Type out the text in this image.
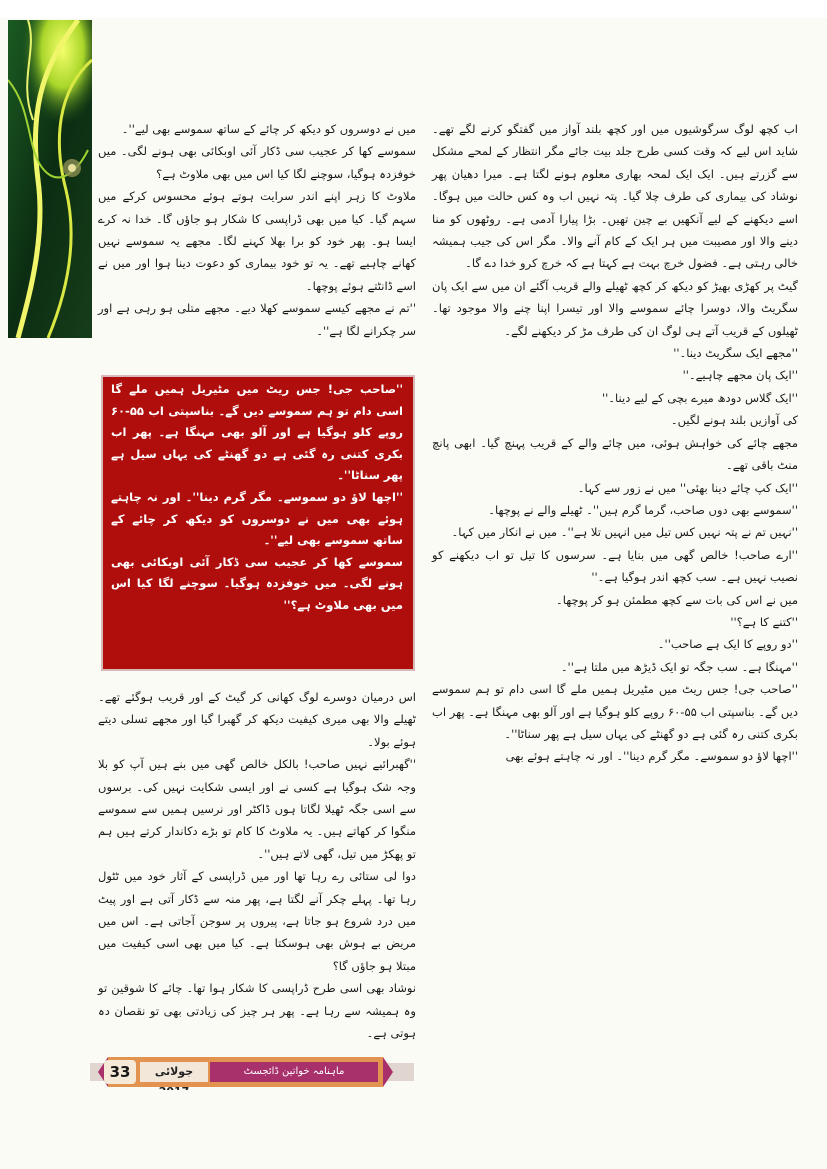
اب کچھ لوگ سرگوشیوں میں اور کچھ بلند آواز میں گفتگو کرنے لگے تھے۔ شاید اس لیے کہ وقت کسی طرح جلد بیت جائے مگر انتظار کے لمحے مشکل سے گزرتے ہیں۔ ایک ایک لمحہ بھاری معلوم ہونے لگتا ہے۔ میرا دھیان پھر نوشاد کی بیماری کی طرف چلا گیا۔ پتہ نہیں اب وہ کس حالت میں ہوگا۔ اسے دیکھنے کے لیے آنکھیں بے چین تھیں۔ بڑا پیارا آدمی ہے۔ روٹھوں کو منا دینے والا اور مصیبت میں ہر ایک کے کام آنے والا۔ مگر اس کی جیب ہمیشہ خالی رہتی ہے۔ فضول خرچ بہت ہے کہتا ہے کہ خرچ کرو خدا دے گا۔

گیٹ پر کھڑی بھیڑ کو دیکھ کر کچھ ٹھیلے والے قریب آگئے ان میں سے ایک پان سگریٹ والا، دوسرا چائے سموسے والا اور تیسرا اپنا چنے والا موجود تھا۔ ٹھیلوں کے قریب آتے ہی لوگ ان کی طرف مڑ کر دیکھنے لگے۔

''مجھے ایک سگریٹ دینا۔''

''ایک پان مجھے چاہیے۔''

''ایک گلاس دودھ میرے بچی کے لیے دینا۔''

کی آوازیں بلند ہونے لگیں۔

مجھے چائے کی خواہش ہوئی، میں چائے والے کے قریب پہنچ گیا۔ ابھی پانچ منٹ باقی تھے۔

''ایک کپ چائے دینا بھئی'' میں نے زور سے کہا۔

''سموسے بھی دوں صاحب، گرما گرم ہیں''۔ ٹھیلے والے نے پوچھا۔

''نہیں تم نے پتہ نہیں کس تیل میں انہیں تلا ہے''۔ میں نے انکار میں کہا۔

''ارے صاحب! خالص گھی میں بنایا ہے۔ سرسوں کا تیل تو اب دیکھنے کو نصیب نہیں ہے۔ سب کچھ اندر ہوگیا ہے۔''

میں نے اس کی بات سے کچھ مطمئن ہو کر پوچھا۔

''کتنے کا ہے؟''

''دو روپے کا ایک ہے صاحب''۔

''مہنگا ہے۔ سب جگہ تو ایک ڈیڑھ میں ملتا ہے''۔

''صاحب جی! جس ریٹ میں مٹیریل ہمیں ملے گا اسی دام تو ہم سموسے دیں گے۔ بناسپتی اب ۵۵-۶۰ روپے کلو ہوگیا ہے اور آلو بھی مہنگا ہے۔ پھر اب بکری کتنی رہ گئی ہے دو گھنٹے کی یہاں سیل ہے پھر سناٹا''۔

''اچھا لاؤ دو سموسے۔ مگر گرم دینا''۔ اور نہ چاہتے ہوئے بھی

میں نے دوسروں کو دیکھ کر چائے کے ساتھ سموسے بھی لیے''۔

سموسے کھا کر عجیب سی ڈکار آئی اوبکائی بھی ہونے لگی۔ میں خوفزدہ ہوگیا، سوچنے لگا کیا اس میں بھی ملاوٹ ہے؟

ملاوٹ کا زہر اپنے اندر سرایت ہوتے ہوئے محسوس کرکے میں سہم گیا۔ کیا میں بھی ڈراپسی کا شکار ہو جاؤں گا۔ خدا نہ کرے ایسا ہو۔ پھر خود کو برا بھلا کہنے لگا۔ مجھے یہ سموسے نہیں کھانے چاہیے تھے۔ یہ تو خود بیماری کو دعوت دینا ہوا اور میں نے اسے ڈانٹتے ہوئے پوچھا۔

''تم نے مجھے کیسے سموسے کھلا دیے۔ مجھے متلی ہو رہی ہے اور سر چکرانے لگا ہے''۔

''صاحب جی! جس ریٹ میں مٹیریل ہمیں ملے گا اسی دام تو ہم سموسے دیں گے۔ بناسپتی اب ۵۵-۶۰ روپے کلو ہوگیا ہے اور آلو بھی مہنگا ہے۔ پھر اب بکری کتنی رہ گئی ہے دو گھنٹے کی یہاں سیل ہے پھر سناٹا''۔

''اچھا لاؤ دو سموسے۔ مگر گرم دینا''۔ اور نہ چاہتے ہوئے بھی میں نے دوسروں کو دیکھ کر چائے کے ساتھ سموسے بھی لیے''۔

سموسے کھا کر عجیب سی ڈکار آئی اوبکائی بھی ہونے لگی۔ میں خوفزدہ ہوگیا۔ سوچنے لگا کیا اس میں بھی ملاوٹ ہے؟''

اس درمیان دوسرے لوگ کھانی کر گیٹ کے اور قریب ہوگئے تھے۔ ٹھیلے والا بھی میری کیفیت دیکھ کر گھبرا گیا اور مجھے تسلی دیتے ہوئے بولا۔

''گھبرائیے نہیں صاحب! بالکل خالص گھی میں بنے ہیں آپ کو بلا وجہ شک ہوگیا ہے کسی نے اور ایسی شکایت نہیں کی۔ برسوں سے اسی جگہ ٹھیلا لگاتا ہوں ڈاکٹر اور نرسیں ہمیں سے سموسے منگوا کر کھاتے ہیں۔ یہ ملاوٹ کا کام تو بڑے دکاندار کرتے ہیں ہم تو پھکڑ میں تیل، گھی لاتے ہیں''۔

دوا لی ستائی رے رہا تھا اور میں ڈراپسی کے آثار خود میں ٹٹول رہا تھا۔ پہلے چکر آنے لگتا ہے، پھر منہ سے ڈکار آتی ہے اور پیٹ میں درد شروع ہو جاتا ہے، پیروں پر سوجن آجاتی ہے۔ اس میں مریض بے ہوش بھی ہوسکتا ہے۔ کیا میں بھی اسی کیفیت میں مبتلا ہو جاؤں گا؟

نوشاد بھی اسی طرح ڈراپسی کا شکار ہوا تھا۔ چائے کا شوقین تو وہ ہمیشہ سے رہا ہے۔ پھر ہر چیز کی زیادتی بھی تو نقصان دہ ہوتی ہے۔

33	جولائی	ماہنامہ خواتین ڈائجسٹ
